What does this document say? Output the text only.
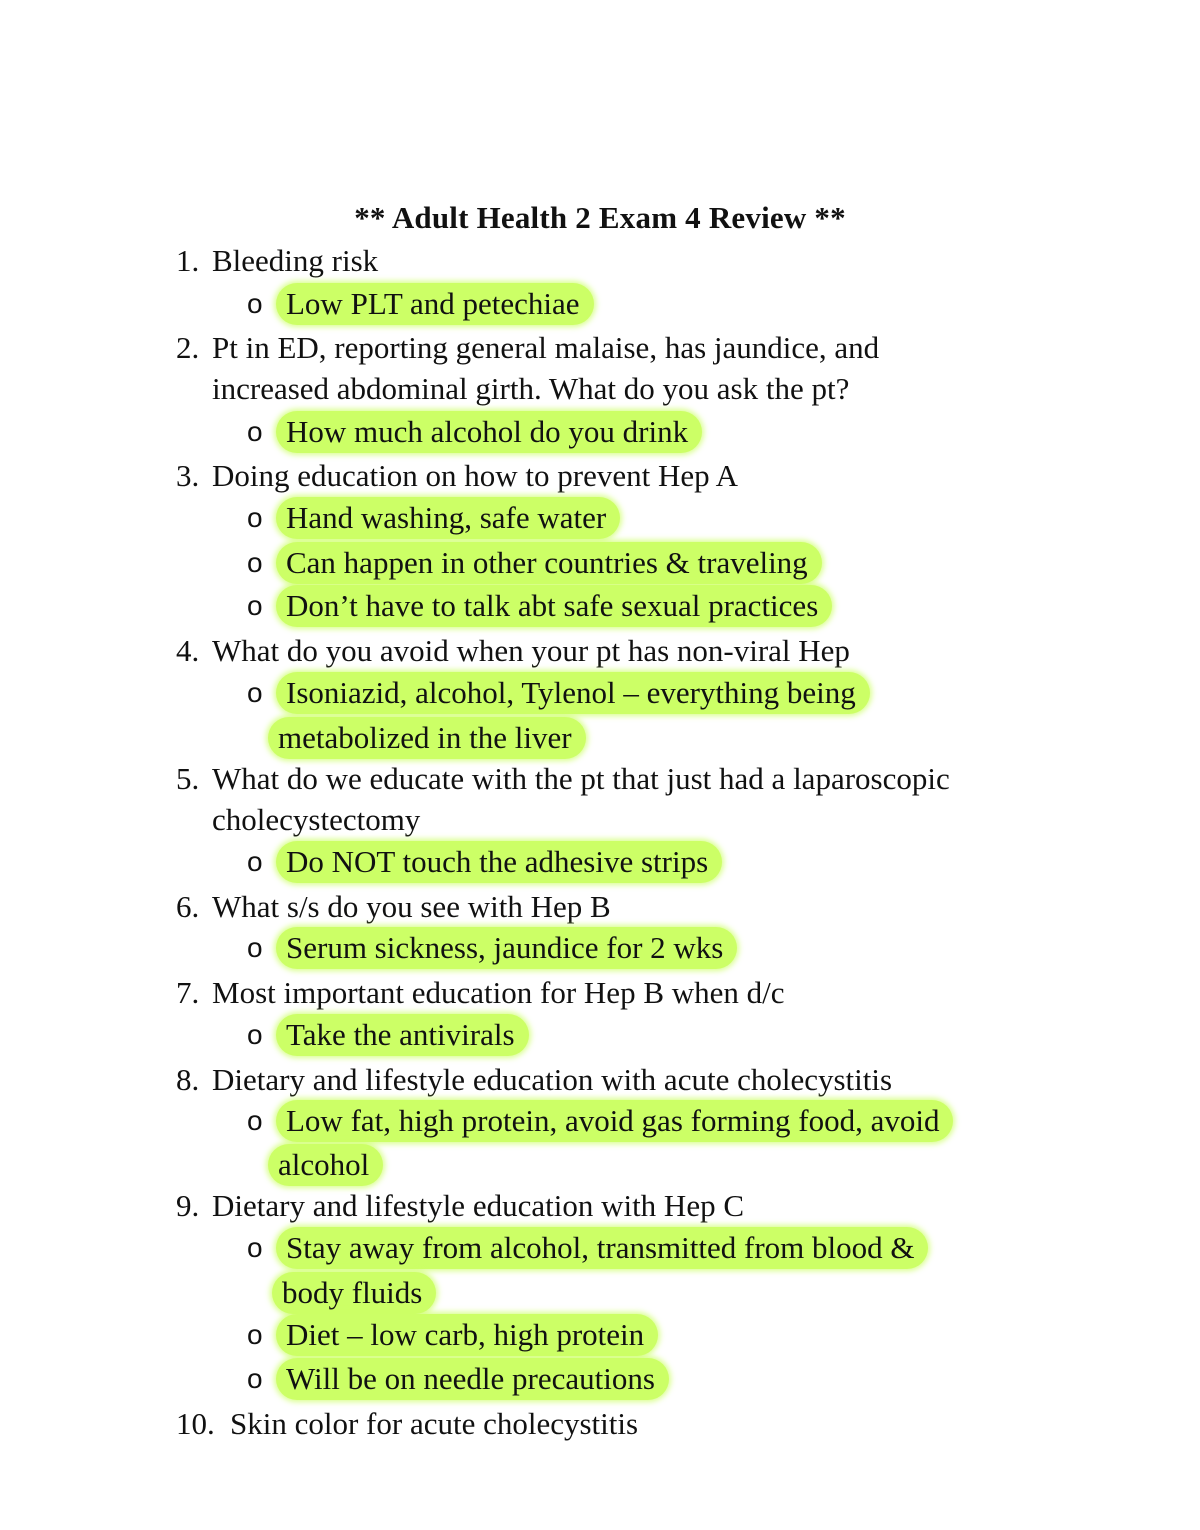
** Adult Health 2 Exam 4 Review **
1. Bleeding risk
o Low PLT and petechiae
2. Pt in ED, reporting general malaise, has jaundice, and
increased abdominal girth. What do you ask the pt?
o How much alcohol do you drink
3. Doing education on how to prevent Hep A
o Hand washing, safe water
o Can happen in other countries & traveling
o Don’t have to talk abt safe sexual practices
4. What do you avoid when your pt has non-viral Hep
o Isoniazid, alcohol, Tylenol – everything being
metabolized in the liver
5. What do we educate with the pt that just had a laparoscopic
cholecystectomy
o Do NOT touch the adhesive strips
6. What s/s do you see with Hep B
o Serum sickness, jaundice for 2 wks
7. Most important education for Hep B when d/c
o Take the antivirals
8. Dietary and lifestyle education with acute cholecystitis
o Low fat, high protein, avoid gas forming food, avoid
alcohol
9. Dietary and lifestyle education with Hep C
o Stay away from alcohol, transmitted from blood &
body fluids
o Diet – low carb, high protein
o Will be on needle precautions
10. Skin color for acute cholecystitis
